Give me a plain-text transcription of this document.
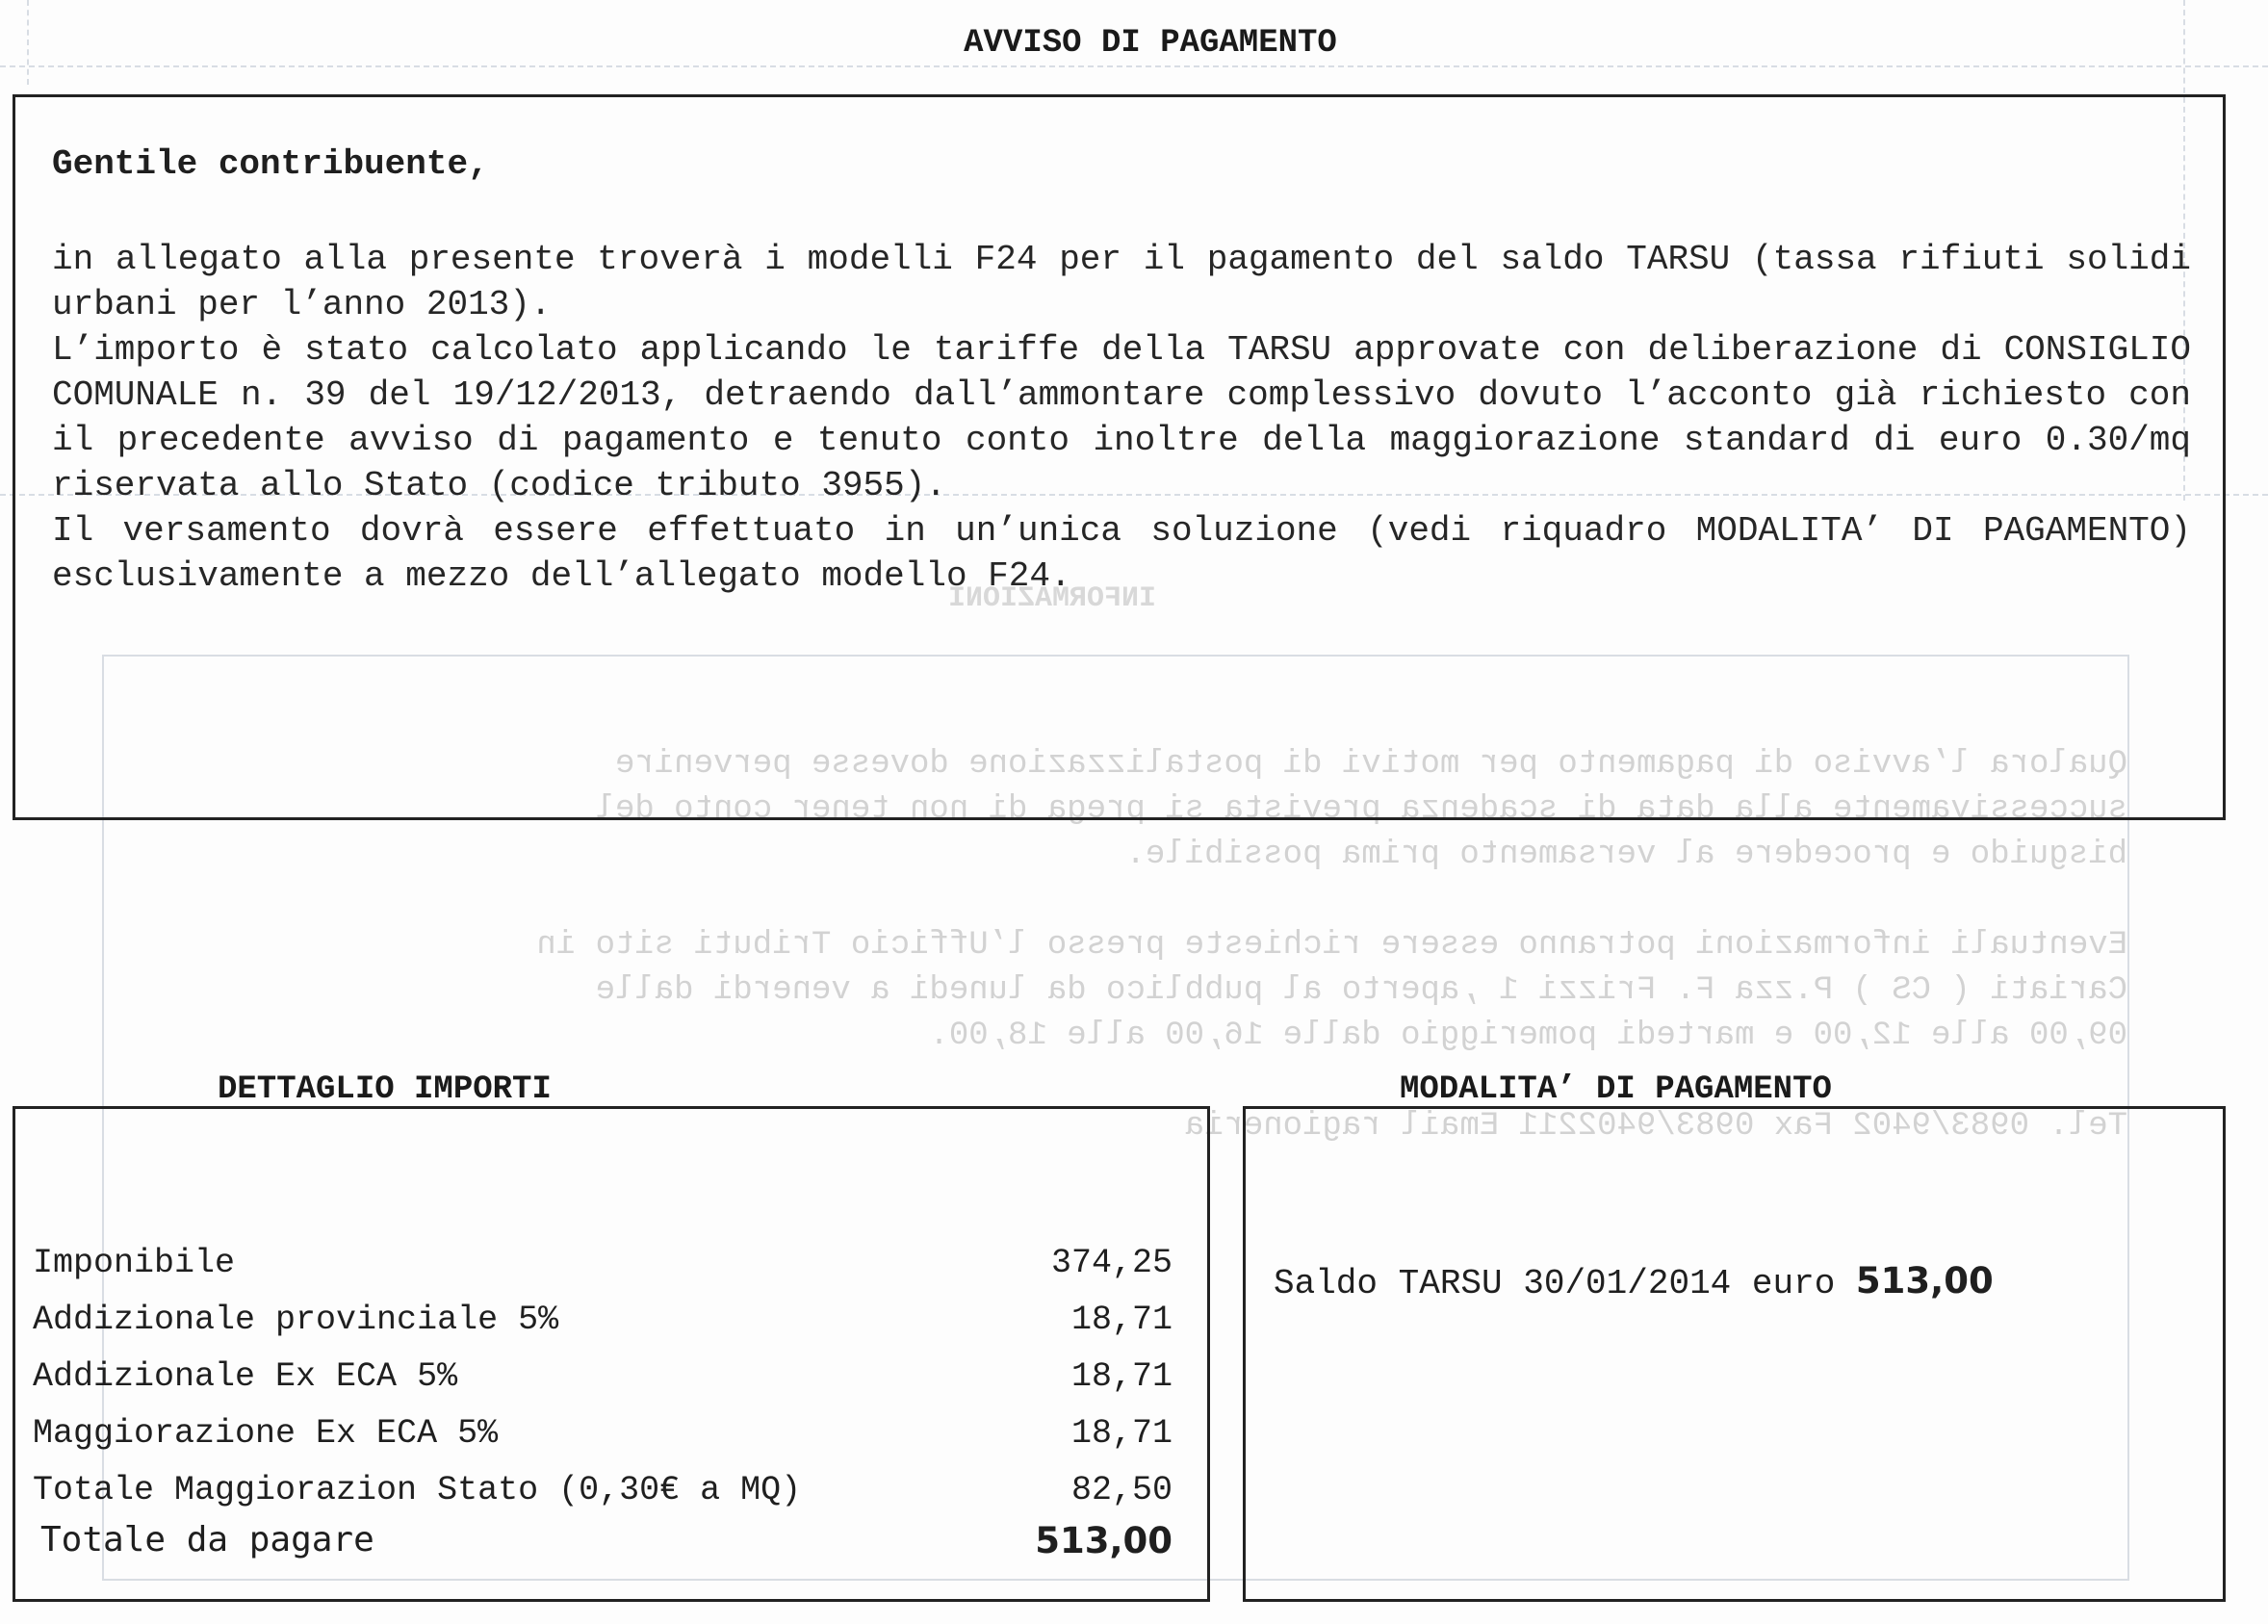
INFORMAZIONI

Qualora l’avviso di pagamento per motivi di postalizzazione dovesse pervenire
successivamente alla data di scadenza prevista si prega di non tener conto del
bisguido e procedere al versamento prima possibile.

Eventuali informazioni potranno essere richieste presso l’Ufficio Tributi sito in
Cariati ( CS ) P.zza F. Frizzi 1 ,aperto al pubblico da lunedi a venerdi dalle
09,00 alle 12,00 e martedi pomeriggio dalle 16,00 alle 18,00.

Tel. 0983/9402 Fax 0983/9402211 Email ragioneria
AVVISO DI PAGAMENTO
Gentile contribuente,

in allegato alla presente troverà i modelli F24 per il pagamento del saldo TARSU (tassa rifiuti solidi urbani per l’anno 2013).

L’importo è stato calcolato applicando le tariffe della TARSU approvate con deliberazione di CONSIGLIO COMUNALE n. 39 del 19/12/2013, detraendo dall’ammontare complessivo dovuto l’acconto già richiesto con il precedente avviso di pagamento e tenuto conto inoltre della maggiorazione standard di euro 0.30/mq riservata allo Stato (codice tributo 3955).

Il versamento dovrà essere effettuato in un’unica soluzione (vedi riquadro MODALITA’ DI PAGAMENTO) esclusivamente a mezzo dell’allegato modello F24.

DETTAGLIO IMPORTI
Imponibile	374,25
Addizionale provinciale 5%	18,71
Addizionale Ex ECA 5%	18,71
Maggiorazione Ex ECA 5%	18,71
Totale Maggiorazion Stato (0,30€ a MQ)	82,50
Totale da pagare	513,00
MODALITA’ DI PAGAMENTO
Saldo TARSU 30/01/2014 euro 513,00
